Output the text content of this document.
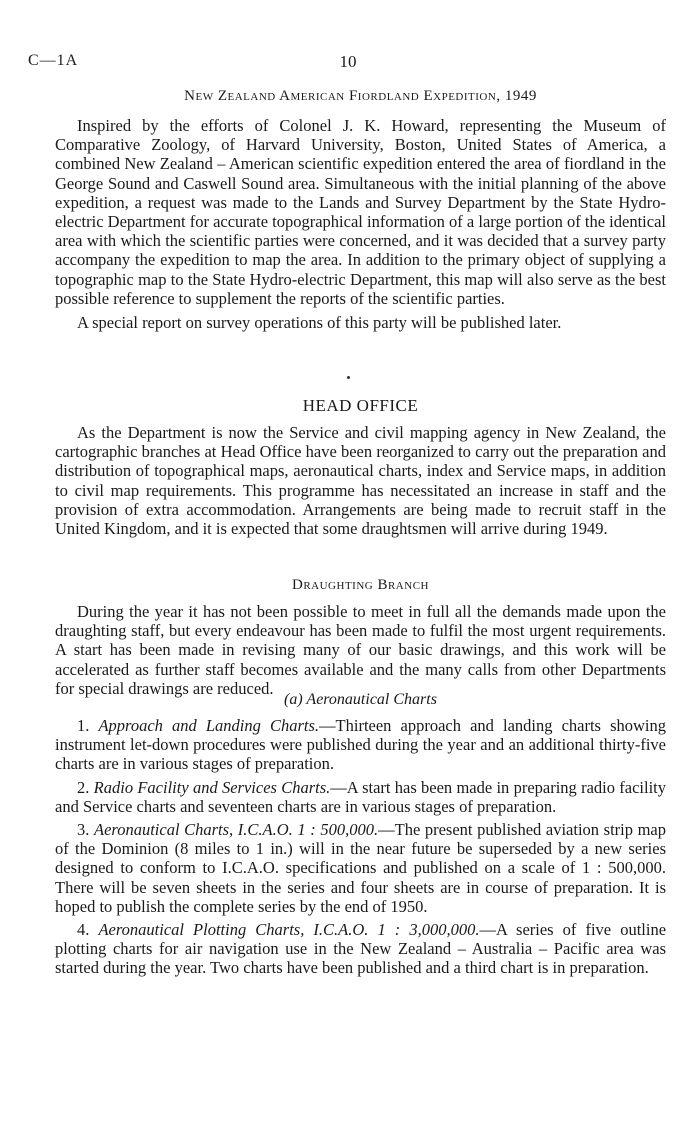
C—1A	10
New Zealand American Fiordland Expedition, 1949

Inspired by the efforts of Colonel J. K. Howard, representing the Museum of Comparative Zoology, of Harvard University, Boston, United States of America, a combined New Zealand – American scientific expedition entered the area of fiordland in the George Sound and Caswell Sound area. Simultaneous with the initial planning of the above expedition, a request was made to the Lands and Survey Department by the State Hydro-electric Department for accurate topographical information of a large portion of the identical area with which the scientific parties were concerned, and it was decided that a survey party accompany the expedition to map the area. In addition to the primary object of supplying a topographic map to the State Hydro-electric Department, this map will also serve as the best possible reference to supplement the reports of the scientific parties.

A special report on survey operations of this party will be published later.

HEAD OFFICE

As the Department is now the Service and civil mapping agency in New Zealand, the cartographic branches at Head Office have been reorganized to carry out the preparation and distribution of topographical maps, aeronautical charts, index and Service maps, in addition to civil map requirements. This programme has necessitated an increase in staff and the provision of extra accommodation. Arrangements are being made to recruit staff in the United Kingdom, and it is expected that some draughtsmen will arrive during 1949.

Draughting Branch

During the year it has not been possible to meet in full all the demands made upon the draughting staff, but every endeavour has been made to fulfil the most urgent requirements. A start has been made in revising many of our basic drawings, and this work will be accelerated as further staff becomes available and the many calls from other Departments for special drawings are reduced.

(a) Aeronautical Charts

1. Approach and Landing Charts.—Thirteen approach and landing charts showing instrument let-down procedures were published during the year and an additional thirty-five charts are in various stages of preparation.

2. Radio Facility and Services Charts.—A start has been made in preparing radio facility and Service charts and seventeen charts are in various stages of preparation.

3. Aeronautical Charts, I.C.A.O. 1 : 500,000.—The present published aviation strip map of the Dominion (8 miles to 1 in.) will in the near future be superseded by a new series designed to conform to I.C.A.O. specifications and published on a scale of 1 : 500,000. There will be seven sheets in the series and four sheets are in course of preparation. It is hoped to publish the complete series by the end of 1950.

4. Aeronautical Plotting Charts, I.C.A.O. 1 : 3,000,000.—A series of five outline plotting charts for air navigation use in the New Zealand – Australia – Pacific area was started during the year. Two charts have been published and a third chart is in preparation.
